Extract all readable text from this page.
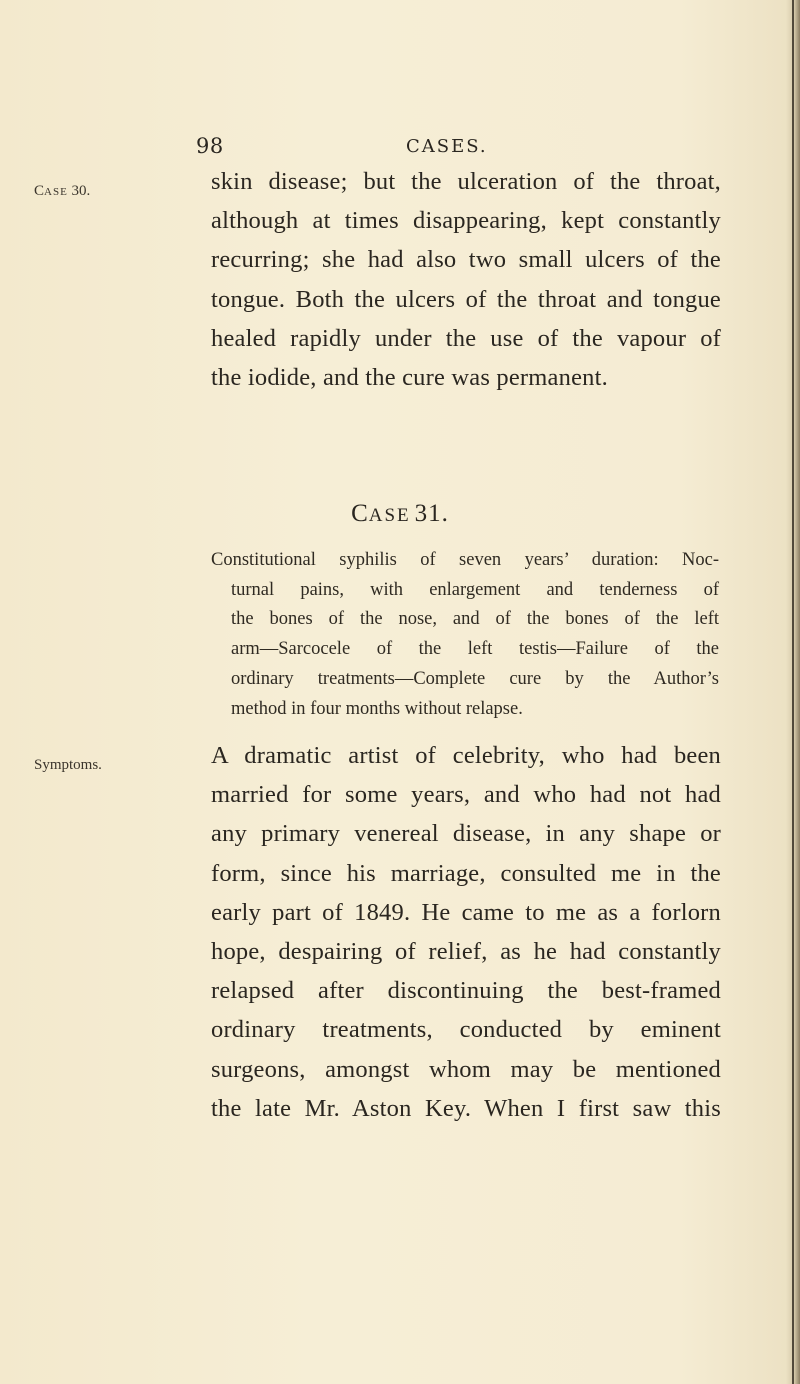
98	CASES.
CASE 30.	skin disease; but the ulceration of the throat,
although at times disappearing, kept constantly
recurring; she had also two small ulcers of the
tongue. Both the ulcers of the throat and tongue
healed rapidly under the use of the vapour of
the iodide, and the cure was permanent.
CASE 31.
Constitutional syphilis of seven years’ duration: Noc-
turnal pains, with enlargement and tenderness of
the bones of the nose, and of the bones of the left
arm—Sarcocele of the left testis—Failure of the
ordinary treatments—Complete cure by the Author’s
method in four months without relapse.
Symptoms.	A dramatic artist of celebrity, who had been
married for some years, and who had not had
any primary venereal disease, in any shape or
form, since his marriage, consulted me in the
early part of 1849. He came to me as a forlorn
hope, despairing of relief, as he had constantly
relapsed after discontinuing the best-framed
ordinary treatments, conducted by eminent
surgeons, amongst whom may be mentioned
the late Mr. Aston Key. When I first saw this
